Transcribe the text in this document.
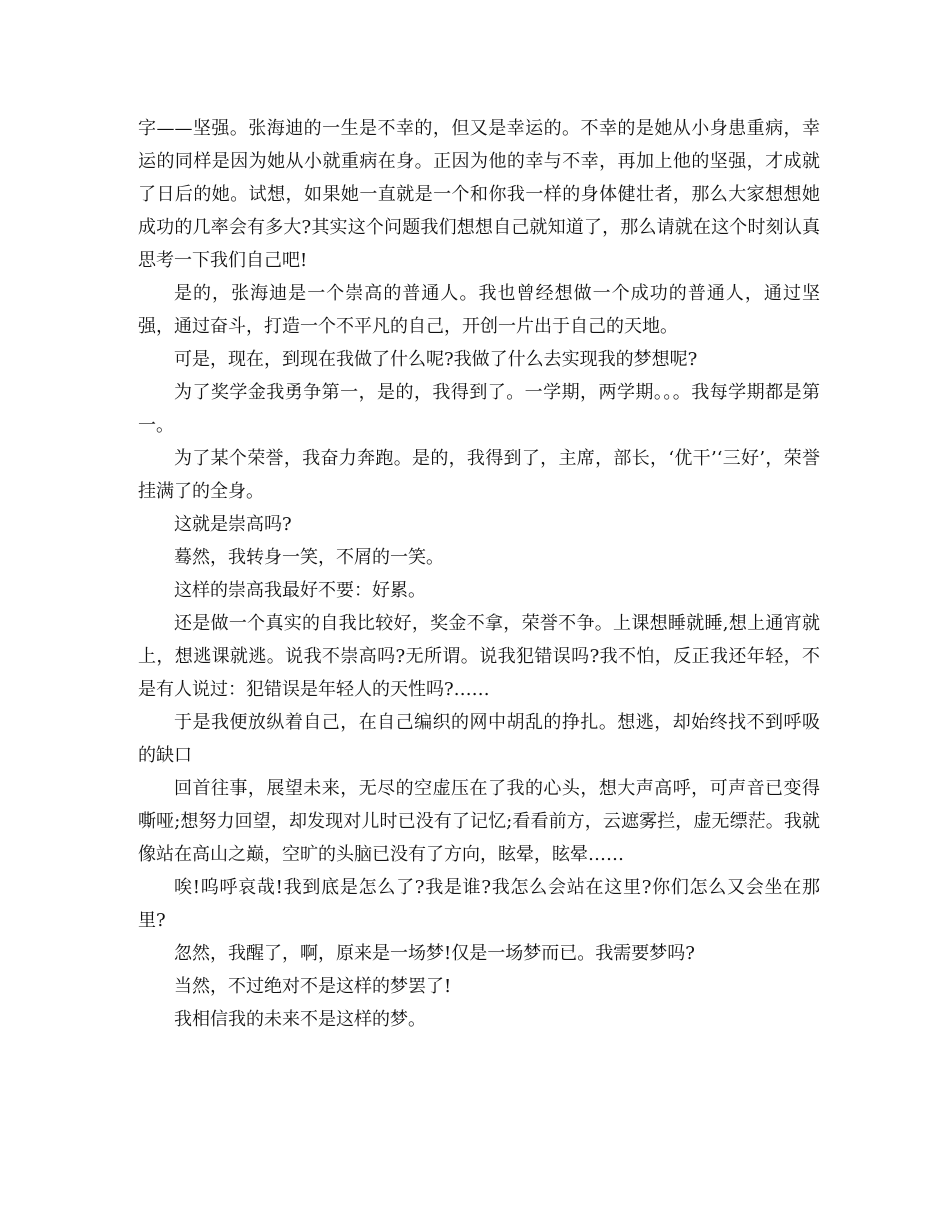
字——坚强。张海迪的一生是不幸的，但又是幸运的。不幸的是她从小身患重病，幸运的同样是因为她从小就重病在身。正因为他的幸与不幸，再加上他的坚强，才成就了日后的她。试想，如果她一直就是一个和你我一样的身体健壮者，那么大家想想她成功的几率会有多大?其实这个问题我们想想自己就知道了，那么请就在这个时刻认真思考一下我们自己吧!

是的，张海迪是一个崇高的普通人。我也曾经想做一个成功的普通人，通过坚强，通过奋斗，打造一个不平凡的自己，开创一片出于自己的天地。

可是，现在，到现在我做了什么呢?我做了什么去实现我的梦想呢?

为了奖学金我勇争第一，是的，我得到了。一学期，两学期。。。我每学期都是第一。

为了某个荣誉，我奋力奔跑。是的，我得到了，主席，部长，‘优干’‘三好’，荣誉挂满了的全身。

这就是崇高吗?

蓦然，我转身一笑，不屑的一笑。

这样的崇高我最好不要：好累。

还是做一个真实的自我比较好，奖金不拿，荣誉不争。上课想睡就睡,想上通宵就上，想逃课就逃。说我不崇高吗?无所谓。说我犯错误吗?我不怕，反正我还年轻，不是有人说过：犯错误是年轻人的天性吗?……

于是我便放纵着自己，在自己编织的网中胡乱的挣扎。想逃，却始终找不到呼吸的缺口

回首往事，展望未来，无尽的空虚压在了我的心头，想大声高呼，可声音已变得嘶哑;想努力回望，却发现对儿时已没有了记忆;看看前方，云遮雾拦，虚无缥茫。我就像站在高山之巅，空旷的头脑已没有了方向，眩晕，眩晕……

唉!呜呼哀哉!我到底是怎么了?我是谁?我怎么会站在这里?你们怎么又会坐在那里?

忽然，我醒了，啊，原来是一场梦!仅是一场梦而已。我需要梦吗?

当然，不过绝对不是这样的梦罢了!

我相信我的未来不是这样的梦。
